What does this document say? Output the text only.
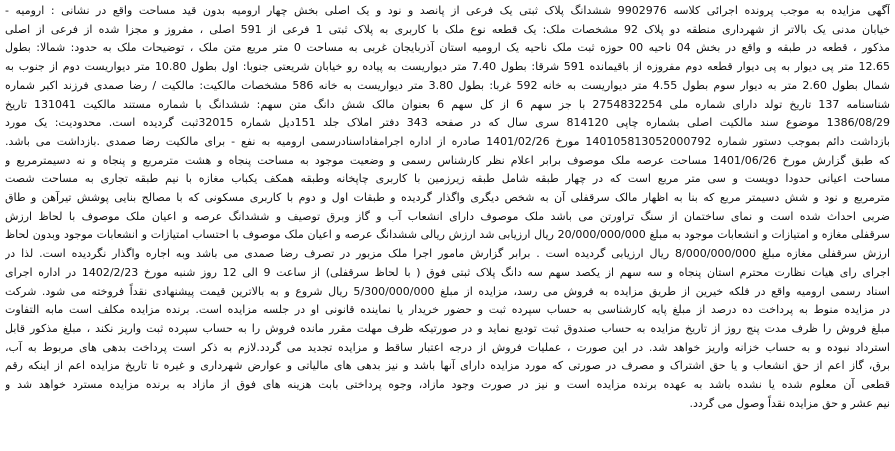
آگهی مزایده به موجب پرونده اجرائی کلاسه 9902976 ششدانگ پلاک ثبتی یک فرعی از پانصد و نود و یک اصلی بخش چهار ارومیه بدون قید مساحت واقع در نشانی : ارومیه -
خیابان مدنی یک بالاتر از شهرداری منطقه دو پلاک 92 مشخصات ملک: یک قطعه نوع ملک با کاربری به پلاک ثبتی 1 فرعی از 591 اصلی ، مفروز و مجزا شده از فرعی از اصلی
مذکور ، قطعه در طبقه و واقع در بخش 04 ناحیه 00 حوزه ثبت ملک ناحیه یک ارومیه استان آذربایجان غربی به مساحت 0 متر مربع متن ملک ، توضیحات ملک به حدود: شمالا: بطول
12.65 متر پی دیوار به پی دیوار قطعه دوم مفروزه از باقیمانده 591 شرقا: بطول 7.40 متر دیواریست به پیاده رو خیابان شریعتی جنوبا: اول بطول 10.80 متر دیواریست دوم از جنوب به
شمال بطول 2.60 متر به دیوار سوم بطول 4.55 متر دیواریست به خانه 592 غربا: بطول 3.80 متر دیواریست به خانه 586 مشخصات مالکیت: مالکیت / رضا صمدی فرزند اکبر شماره
شناسنامه 137 تاریخ تولد دارای شماره ملی 2754832254 با جز سهم 6 از کل سهم 6 بعنوان مالک شش دانگ متن سهم: ششدانگ با شماره مستند مالکیت 131041 تاریخ
1386/08/29 موضوع سند مالکیت اصلی بشماره چاپی 814120 سری سال که در صفحه 343 دفتر املاک جلد 151دیل شماره 32015ثبت گردیده است. محدودیت: یک مورد
بازداشت دائم بموجب دستور شماره 140105813052000792 مورخ 1401/02/26 صادره از اداره اجرامفاداسنادرسمی ارومیه به نفع - برای مالکیت رضا صمدی .بازداشت می باشد.
که طبق گزارش مورخ 1401/06/26 مساحت عرصه ملک موصوف برابر اعلام نظر کارشناس رسمی و وضعیت موجود به مساحت پنجاه و هشت مترمربع و پنجاه و نه دسیمترمربع و
مساحت اعیانی حدودا دویست و سی متر مربع است که در چهار طبقه شامل طبقه زیرزمین با کاربری چاپخانه وطبقه همکف یکباب مغازه با نیم طبقه تجاری به مساحت شصت
مترمربع و نود و شش دسیمتر مربع که بنا به اظهار مالک سرقفلی آن به شخص دیگری واگذار گردیده و طبقات اول و دوم با کاربری مسکونی که با مصالح بنایی پوشش تیرآهن و طاق
ضربی احداث شده است و نمای ساختمان از سنگ تراورتن می باشد ملک موصوف دارای انشعاب آب و گاز وبرق توصیف و ششدانگ عرصه و اعیان ملک موصوف با لحاظ ارزش
سرقفلی مغازه و امتیازات و انشعابات موجود به مبلغ 20/000/000/000 ریال ارزیابی شد ارزش ریالی ششدانگ عرصه و اعیان ملک موصوف با احتساب امتیازات و انشعابات موجود وبدون لحاظ
ارزش سرقفلی مغازه مبلغ 8/000/000/000 ریال ارزیابی گردیده است . برابر گزارش مامور اجرا ملک مزبور در تصرف رضا صمدی می باشد وبه اجاره واگذار نگردیده است. لذا در
اجرای رای هیات نظارت محترم استان پنجاه و سه سهم از یکصد سهم سه دانگ پلاک ثبتی فوق ( با لحاظ سرقفلی) از ساعت 9 الی 12 روز شنبه مورخ 1402/2/23 در اداره اجرای
اسناد رسمی ارومیه واقع در فلکه خیرین از طریق مزایده به فروش می رسد، مزایده از مبلغ 5/300/000/000 ریال شروع و به بالاترین قیمت پیشنهادی نقداً فروخته می شود. شرکت
در مزایده منوط به پرداخت ده درصد از مبلغ پایه کارشناسی به حساب سپرده ثبت و حضور خریدار یا نماینده قانونی او در جلسه مزایده است. برنده مزایده مکلف است مابه التفاوت
مبلغ فروش را ظرف مدت پنج روز از تاریخ مزایده به حساب صندوق ثبت تودیع نماید و در صورتیکه ظرف مهلت مقرر مانده فروش را به حساب سپرده ثبت واریز نکند ، مبلغ مذکور قابل
استرداد نبوده و به حساب خزانه واریز خواهد شد. در این صورت ، عملیات فروش از درجه اعتبار ساقط و مزایده تجدید می گردد.لازم به ذکر است پرداخت بدهی های مربوط به آب،
برق، گاز اعم از حق انشعاب و یا حق اشتراک و مصرف در صورتی که مورد مزایده دارای آنها باشد و نیز بدهی های مالیاتی و عوارض شهرداری و غیره تا تاریخ مزایده اعم از اینکه رقم
قطعی آن معلوم شده یا نشده باشد به عهده برنده مزایده است و نیز در صورت وجود مازاد، وجوه پرداختی بابت هزینه های فوق از مازاد به برنده مزایده مسترد خواهد شد و
نیم عشر و حق مزایده نقداً وصول می گردد.
